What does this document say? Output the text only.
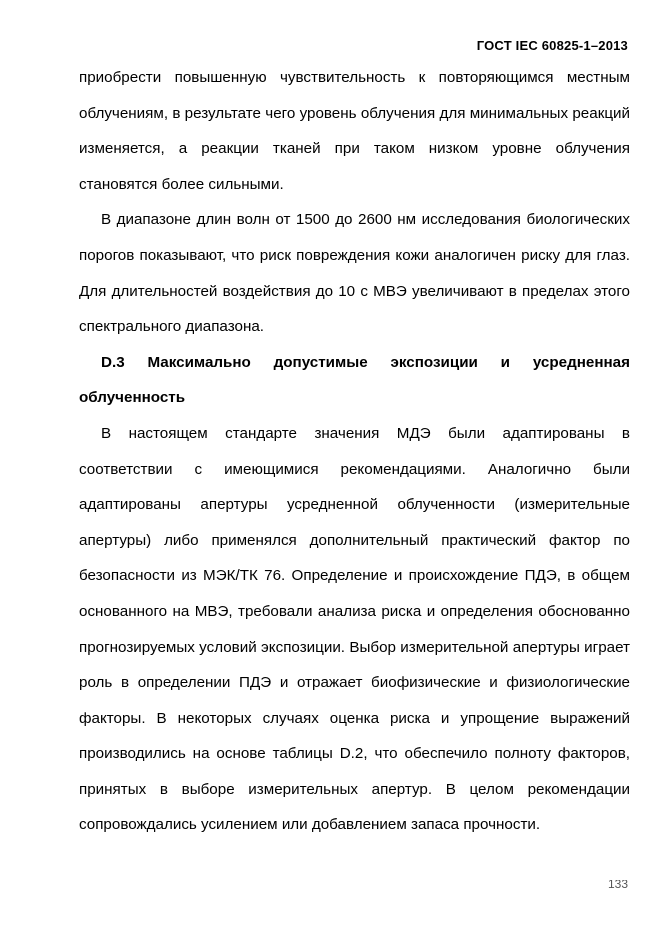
ГОСТ IEC 60825-1–2013

приобрести повышенную чувствительность к повторяющимся местным облучениям, в результате чего уровень облучения для минимальных реакций изменяется, а реакции тканей при таком низком уровне облучения становятся более сильными.

В диапазоне длин волн от 1500 до 2600 нм исследования биологических порогов показывают, что риск повреждения кожи аналогичен риску для глаз. Для длительностей воздействия до 10 с МВЭ увеличивают в пределах этого спектрального диапазона.

D.3 Максимально допустимые экспозиции и усредненная облученность

В настоящем стандарте значения МДЭ были адаптированы в соответствии с имеющимися рекомендациями. Аналогично были адаптированы апертуры усредненной облученности (измерительные апертуры) либо применялся дополнительный практический фактор по безопасности из МЭК/ТК 76. Определение и происхождение ПДЭ, в общем основанного на МВЭ, требовали анализа риска и определения обоснованно прогнозируемых условий экспозиции. Выбор измерительной апертуры играет роль в определении ПДЭ и отражает биофизические и физиологические факторы. В некоторых случаях оценка риска и упрощение выражений производились на основе таблицы D.2, что обеспечило полноту факторов, принятых в выборе измерительных апертур. В целом рекомендации сопровождались усилением или добавлением запаса прочности.

133
